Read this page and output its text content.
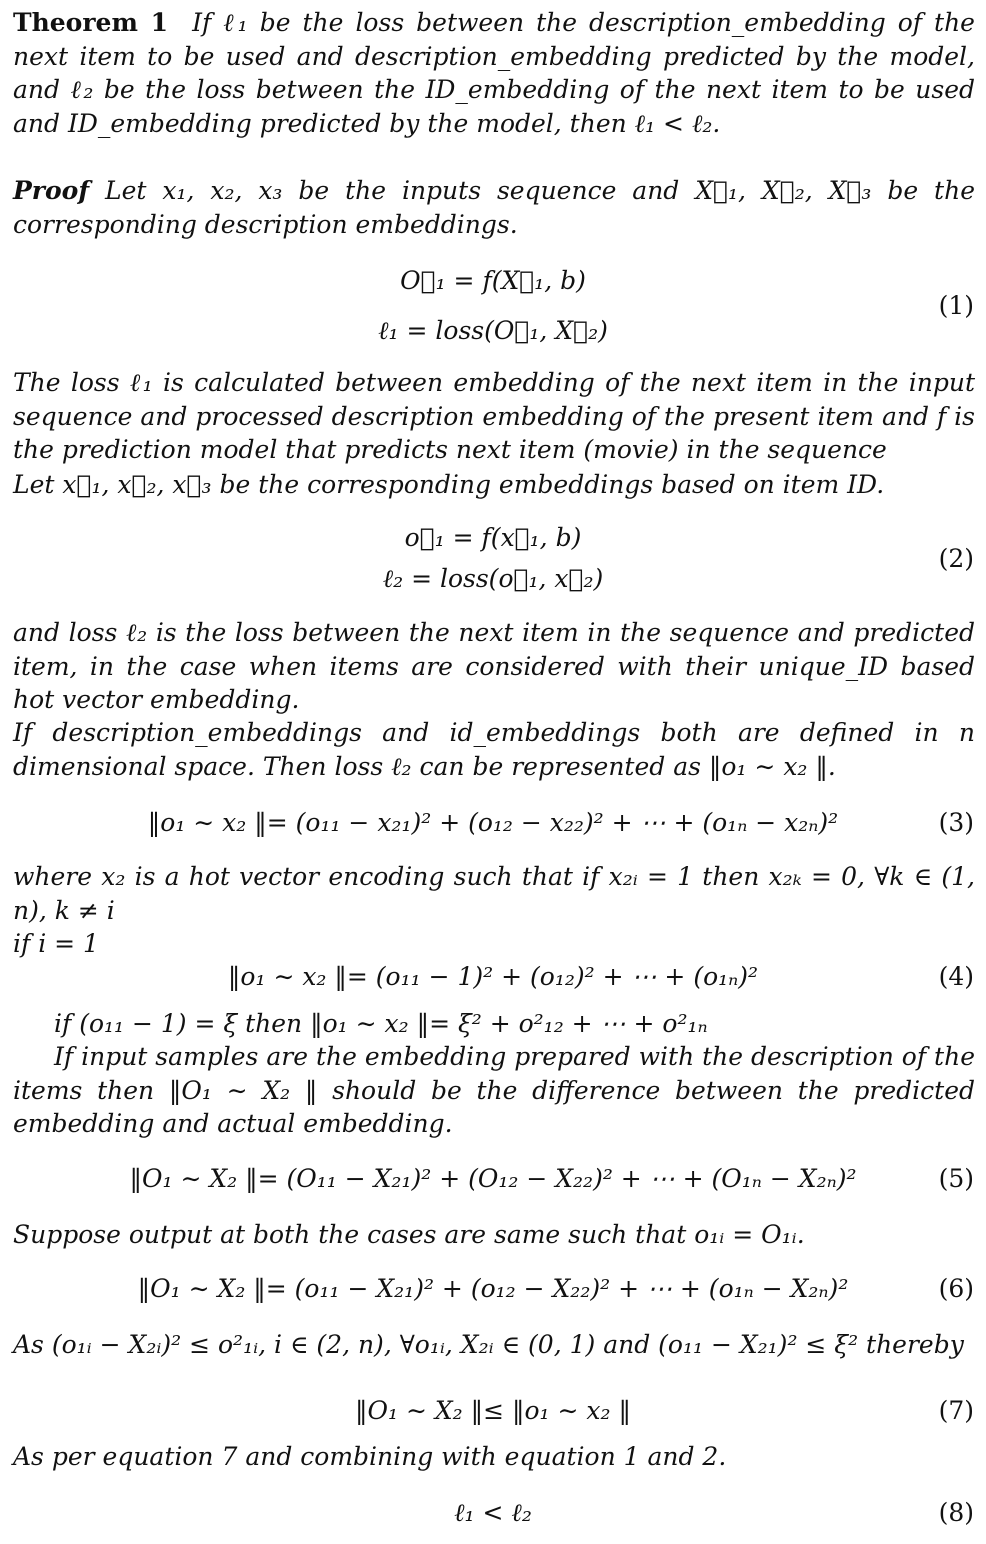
Theorem 1 If ℓ₁ be the loss between the description_embedding of the next item to be used and description_embedding predicted by the model, and ℓ₂ be the loss between the ID_embedding of the next item to be used and ID_embedding predicted by the model, then ℓ₁ < ℓ₂.
Proof Let x₁, x₂, x₃ be the inputs sequence and X⃗₁, X⃗₂, X⃗₃ be the corresponding description embeddings.
O⃗₁ = f(X⃗₁, b)
ℓ₁ = loss(O⃗₁, X⃗₂)
(1)
The loss ℓ₁ is calculated between embedding of the next item in the input sequence and processed description embedding of the present item and f is the prediction model that predicts next item (movie) in the sequence
Let x⃗₁, x⃗₂, x⃗₃ be the corresponding embeddings based on item ID.
o⃗₁ = f(x⃗₁, b)
ℓ₂ = loss(o⃗₁, x⃗₂)
(2)
and loss ℓ₂ is the loss between the next item in the sequence and predicted item, in the case when items are considered with their unique_ID based hot vector embedding.
If description_embeddings and id_embeddings both are defined in n dimensional space. Then loss ℓ₂ can be represented as ‖o₁ ∼ x₂ ‖.
‖o₁ ∼ x₂ ‖= (o₁₁ − x₂₁)² + (o₁₂ − x₂₂)² + ⋯ + (o₁ₙ − x₂ₙ)²	(3)
where x₂ is a hot vector encoding such that if x₂ᵢ = 1 then x₂ₖ = 0, ∀k ∈ (1, n), k ≠ i
if i = 1
‖o₁ ∼ x₂ ‖= (o₁₁ − 1)² + (o₁₂)² + ⋯ + (o₁ₙ)²	(4)
if (o₁₁ − 1) = ξ then ‖o₁ ∼ x₂ ‖= ξ² + o²₁₂ + ⋯ + o²₁ₙ
If input samples are the embedding prepared with the description of the items then ‖O₁ ∼ X₂ ‖ should be the difference between the predicted embedding and actual embedding.
‖O₁ ∼ X₂ ‖= (O₁₁ − X₂₁)² + (O₁₂ − X₂₂)² + ⋯ + (O₁ₙ − X₂ₙ)²	(5)
Suppose output at both the cases are same such that o₁ᵢ = O₁ᵢ.
‖O₁ ∼ X₂ ‖= (o₁₁ − X₂₁)² + (o₁₂ − X₂₂)² + ⋯ + (o₁ₙ − X₂ₙ)²	(6)
As (o₁ᵢ − X₂ᵢ)² ≤ o²₁ᵢ, i ∈ (2, n), ∀o₁ᵢ, X₂ᵢ ∈ (0, 1) and (o₁₁ − X₂₁)² ≤ ξ² thereby
‖O₁ ∼ X₂ ‖≤ ‖o₁ ∼ x₂ ‖	(7)
As per equation 7 and combining with equation 1 and 2.
ℓ₁ < ℓ₂	(8)
